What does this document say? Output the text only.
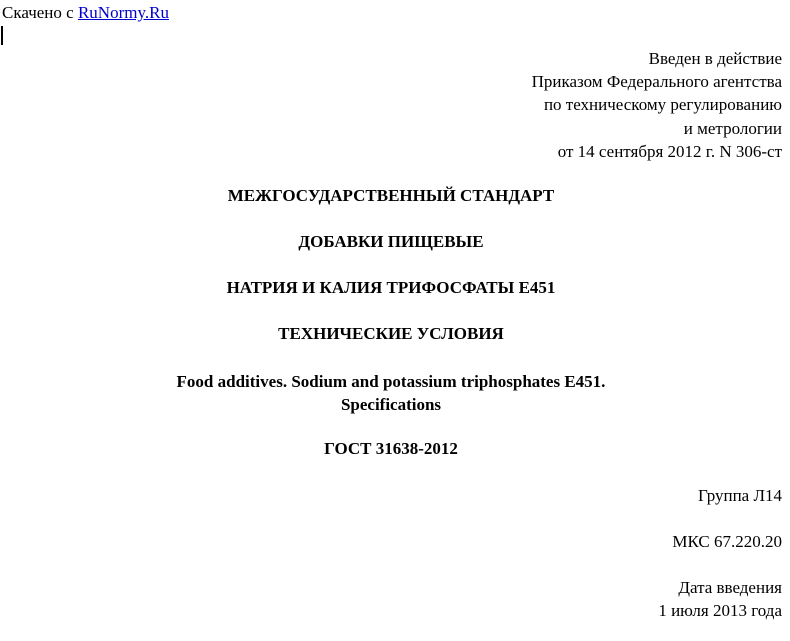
Скачено с RuNormy.Ru
Введен в действие
Приказом Федерального агентства
по техническому регулированию
и метрологии
от 14 сентября 2012 г. N 306-ст
МЕЖГОСУДАРСТВЕННЫЙ СТАНДАРТ
ДОБАВКИ ПИЩЕВЫЕ
НАТРИЯ И КАЛИЯ ТРИФОСФАТЫ Е451
ТЕХНИЧЕСКИЕ УСЛОВИЯ
Food additives. Sodium and potassium triphosphates E451.
Specifications
ГОСТ 31638-2012
Группа Л14
МКС 67.220.20
Дата введения
1 июля 2013 года
